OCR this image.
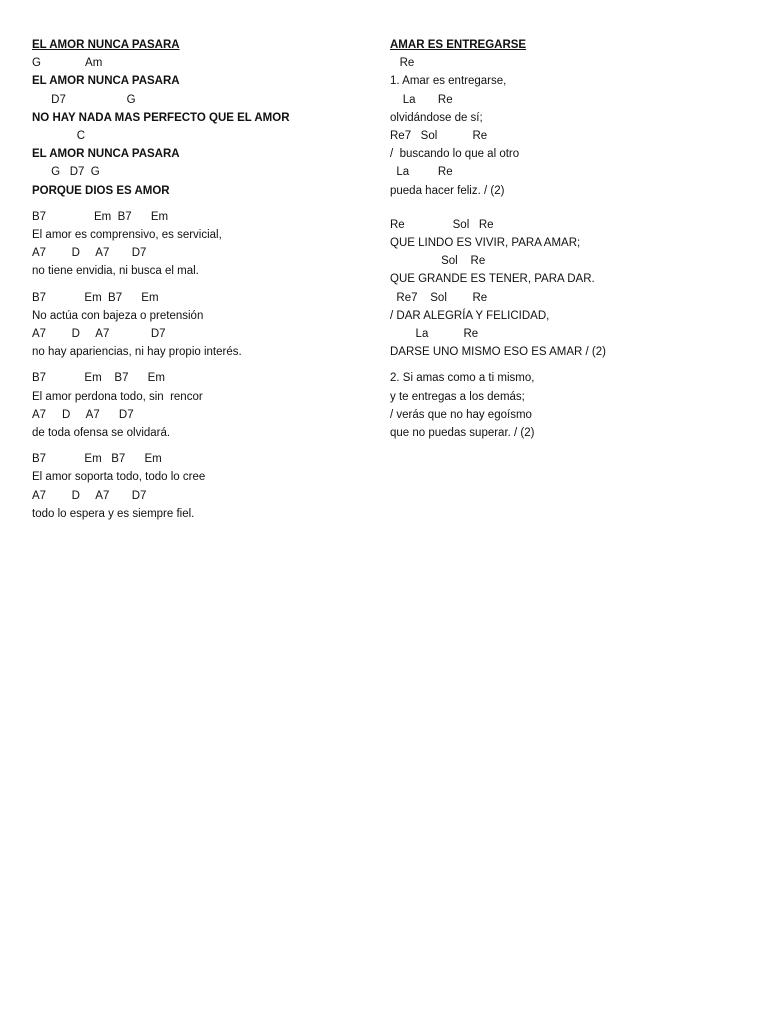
EL AMOR NUNCA PASARA

G              Am

EL AMOR NUNCA PASARA

D7                   G

NO HAY NADA MAS PERFECTO QUE EL AMOR

C

EL AMOR NUNCA PASARA

G   D7  G

PORQUE DIOS ES AMOR

B7               Em  B7      Em

El amor es comprensivo, es servicial,

A7        D     A7       D7

no tiene envidia, ni busca el mal.

B7            Em  B7      Em

No actúa con bajeza o pretensión

A7        D     A7             D7

no hay apariencias, ni hay propio interés.

B7            Em    B7      Em

El amor perdona todo, sin  rencor

A7     D     A7      D7

de toda ofensa se olvidará.

B7            Em   B7      Em

El amor soporta todo, todo lo cree

A7        D     A7       D7

todo lo espera y es siempre fiel.

AMAR ES ENTREGARSE

Re

1. Amar es entregarse,

La       Re

olvidándose de sí;

Re7   Sol           Re

/  buscando lo que al otro

La         Re

pueda hacer feliz. / (2)

Re               Sol   Re

QUE LINDO ES VIVIR, PARA AMAR;

Sol    Re

QUE GRANDE ES TENER, PARA DAR.

Re7    Sol        Re

/ DAR ALEGRÍA Y FELICIDAD,

La           Re

DARSE UNO MISMO ESO ES AMAR / (2)

2. Si amas como a ti mismo,

y te entregas a los demás;

/ verás que no hay egoísmo

que no puedas superar. / (2)
